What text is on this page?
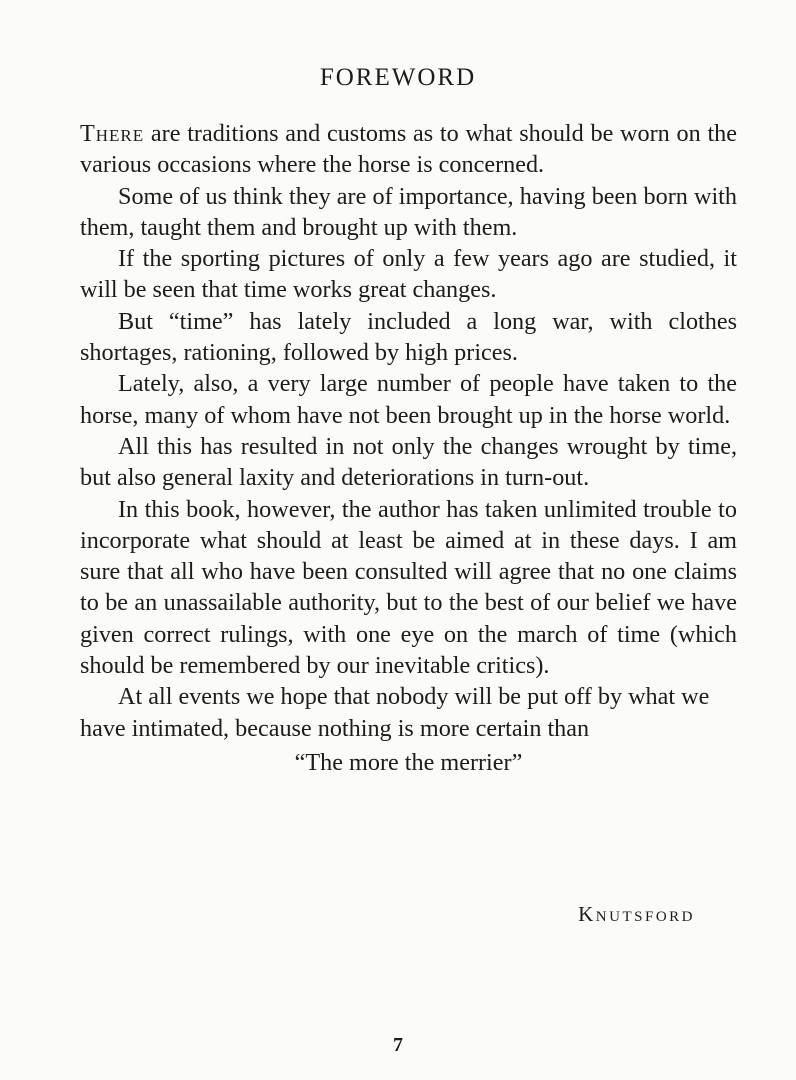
FOREWORD

There are traditions and customs as to what should be worn on the various occasions where the horse is concerned.

Some of us think they are of importance, having been born with them, taught them and brought up with them.

If the sporting pictures of only a few years ago are studied, it will be seen that time works great changes.

But “time” has lately included a long war, with clothes shortages, rationing, followed by high prices.

Lately, also, a very large number of people have taken to the horse, many of whom have not been brought up in the horse world.

All this has resulted in not only the changes wrought by time, but also general laxity and deteriorations in turn-out.

In this book, however, the author has taken unlimited trouble to incorporate what should at least be aimed at in these days. I am sure that all who have been consulted will agree that no one claims to be an unassailable authority, but to the best of our belief we have given correct rulings, with one eye on the march of time (which should be remembered by our inevitable critics).

At all events we hope that nobody will be put off by what we have intimated, because nothing is more certain than

“The more the merrier”

Knutsford

7
